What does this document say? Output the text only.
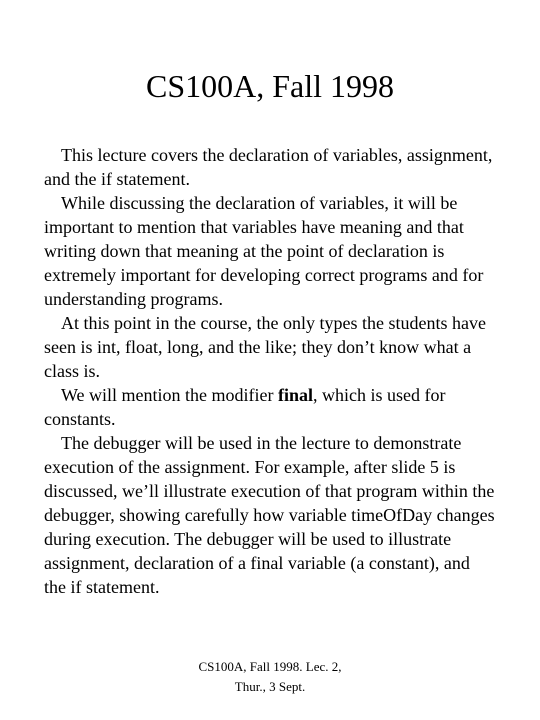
CS100A, Fall 1998

This lecture covers the declaration of variables, assignment, and the if statement.

While discussing the declaration of variables, it will be important to mention that variables have meaning and that writing down that meaning at the point of declaration is extremely important for developing correct programs and for understanding programs.

At this point in the course, the only types the students have seen is int, float, long, and the like; they don’t know what a class is.

We will mention the modifier final, which is used for constants.

The debugger will be used in the lecture to demonstrate execution of the assignment. For example, after slide 5 is discussed, we’ll illustrate execution of that program within the debugger, showing carefully how variable timeOfDay changes during execution. The debugger will be used to illustrate assignment, declaration of a final variable (a constant), and the if statement.

CS100A, Fall 1998. Lec. 2,
Thur., 3 Sept.
